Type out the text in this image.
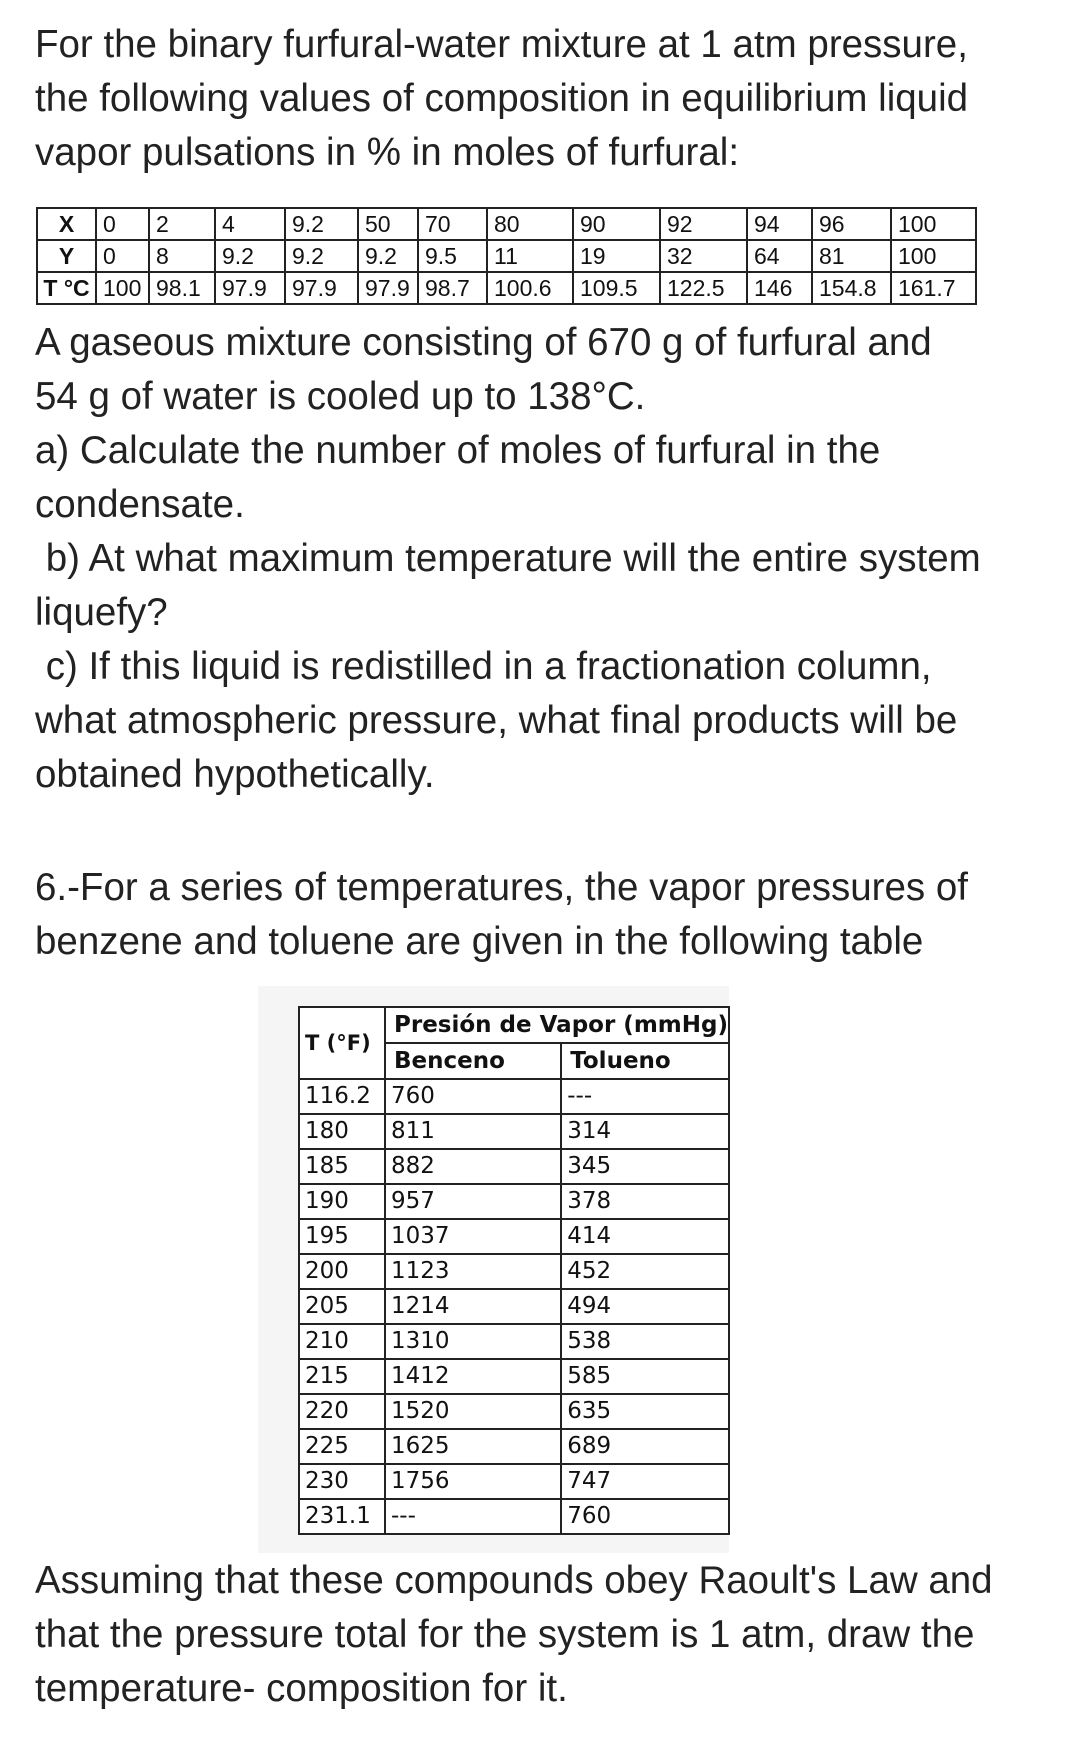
For the binary furfural-water mixture at 1 atm pressure,
the following values of composition in equilibrium liquid
vapor pulsations in % in moles of furfural:
X	0	2	4	9.2	50	70	80	90	92	94	96	100
Y	0	8	9.2	9.2	9.2	9.5	11	19	32	64	81	100
T °C	100	98.1	97.9	97.9	97.9	98.7	100.6	109.5	122.5	146	154.8	161.7
A gaseous mixture consisting of 670 g of furfural and
54 g of water is cooled up to 138°C.
a) Calculate the number of moles of furfural in the
condensate.
b) At what maximum temperature will the entire system
liquefy?
c) If this liquid is redistilled in a fractionation column,
what atmospheric pressure, what final products will be
obtained hypothetically.
6.-For a series of temperatures, the vapor pressures of
benzene and toluene are given in the following table
T (°F)	Presión de Vapor (mmHg)	
	Benceno	Tolueno
116.2	760	---
180	811	314
185	882	345
190	957	378
195	1037	414
200	1123	452
205	1214	494
210	1310	538
215	1412	585
220	1520	635
225	1625	689
230	1756	747
231.1	---	760
Assuming that these compounds obey Raoult's Law and
that the pressure total for the system is 1 atm, draw the
temperature- composition for it.
